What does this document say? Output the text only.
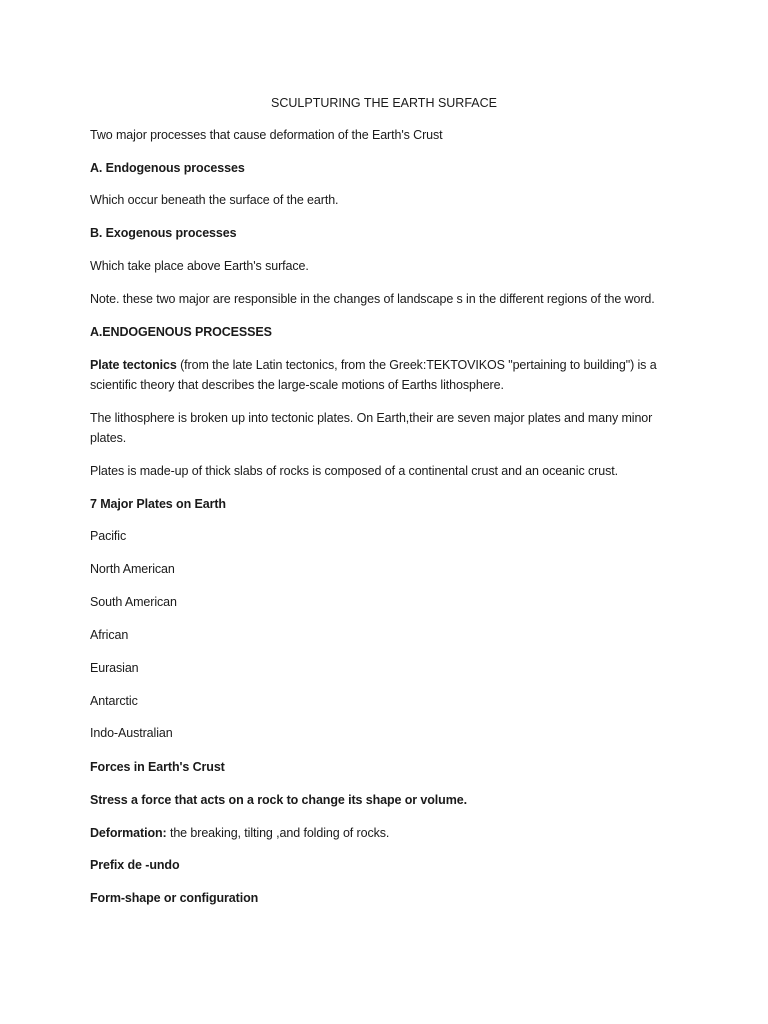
SCULPTURING THE EARTH SURFACE
Two major processes that cause deformation of the Earth's Crust
A. Endogenous processes
Which occur beneath the surface of the earth.
B. Exogenous processes
Which take place above Earth's surface.
Note. these two major are responsible in the changes of landscape s in the different regions of the word.
A.ENDOGENOUS PROCESSES
Plate tectonics (from the late Latin tectonics, from the Greek:TEKTOVIKOS "pertaining to building") is a
scientific theory that describes the large-scale motions of Earths lithosphere.
The lithosphere is broken up into tectonic plates. On Earth,their are seven major plates and many minor
plates.
Plates is made-up of thick slabs of rocks is composed of a continental crust and an oceanic crust.
7 Major Plates on Earth
Pacific
North American
South American
African
Eurasian
Antarctic
Indo-Australian
Forces in Earth's Crust
Stress a force that acts on a rock to change its shape or volume.
Deformation: the breaking, tilting ,and folding of rocks.
Prefix de -undo
Form-shape or configuration
